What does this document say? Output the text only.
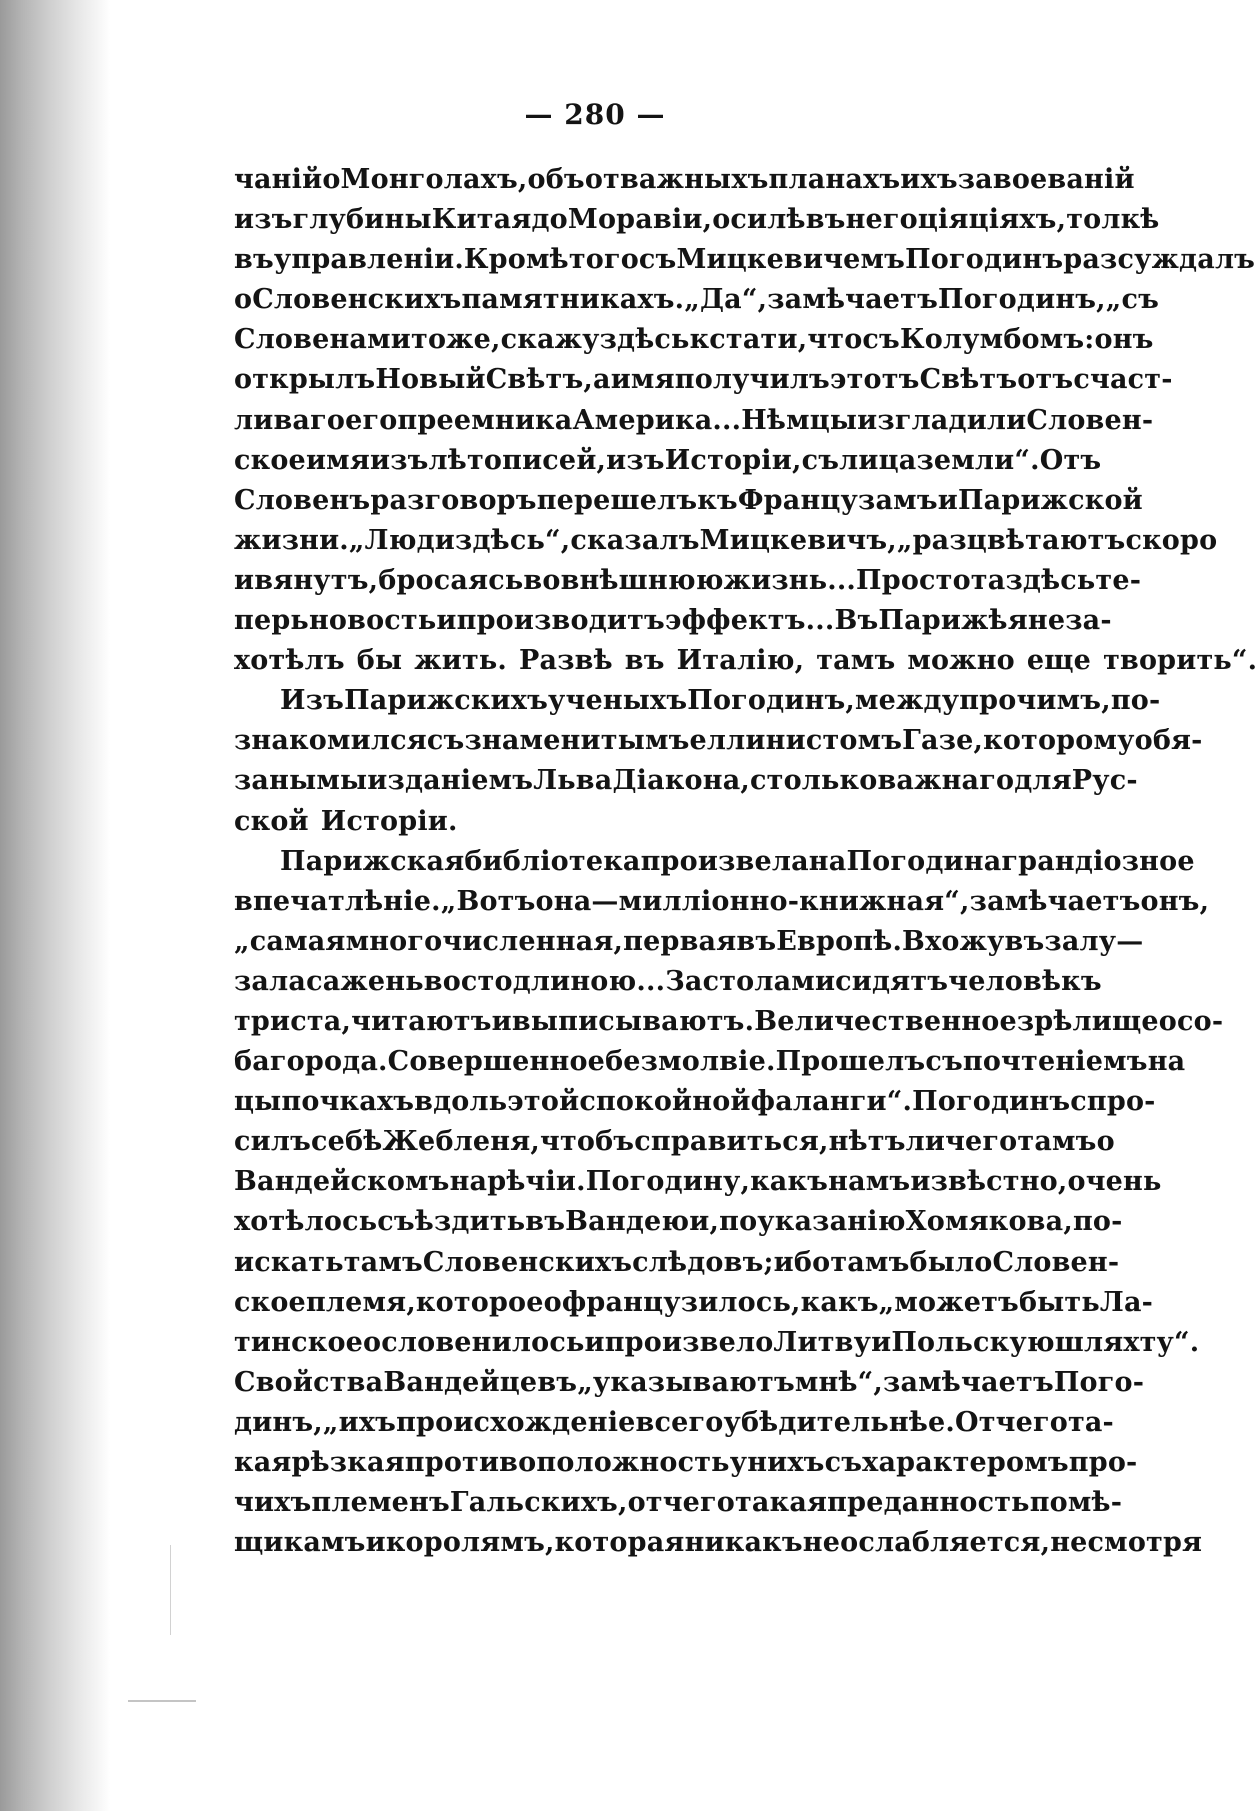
— 280 —
чаній о Монголахъ, объ отважныхъ планахъ ихъ завоеваній
изъ глубины Китая до Моравіи, о силѣ въ негоціяціяхъ, толкѣ
въ управленіи. Кромѣ того съ Мицкевичемъ Погодинъ разсуждалъ
о Словенскихъ памятникахъ. „Да“, замѣчаетъ Погодинъ, „съ
Словенами то же, скажу здѣсь кстати, что съ Колумбомъ: онъ
открылъ Новый Свѣтъ, а имя получилъ этотъ Свѣтъ отъ счаст-
ливаго его преемника Америка... Нѣмцы изгладили Словен-
ское имя изъ лѣтописей, изъ Исторіи, съ лица земли“. Отъ
Словенъ разговоръ перешелъ къ Французамъ и Парижской
жизни. „Люди здѣсь“, сказалъ Мицкевичъ, „разцвѣтаютъ скоро
и вянутъ, бросаясь во внѣшнюю жизнь... Простота здѣсь те-
перь новость и производитъ эффектъ... Въ Парижѣ я не за-
хотѣлъ бы жить. Развѣ въ Италію, тамъ можно еще творить“.
Изъ Парижскихъ ученыхъ Погодинъ, между прочимъ, по-
знакомился съ знаменитымъ еллинистомъ Газе, которому обя-
заны мы изданіемъ Льва Діакона, столько важнаго для Рус-
ской Исторіи.
Парижская библіотека произвела на Погодина грандіозное
впечатлѣніе. „Вотъ она—милліонно-книжная“, замѣчаетъ онъ,
„самая многочисленная, первая въ Европѣ. Вхожу въ залу—
зала сажень во сто длиною... За столами сидятъ человѣкъ
триста, читаютъ и выписываютъ. Величественное зрѣлище осо-
баго рода. Совершенное безмолвіе. Прошелъ съ почтеніемъ на
цыпочкахъ вдоль этой спокойной фаланги“. Погодинъ спро-
силъ себѣ Жебленя, чтобъ справиться, нѣтъ ли чего тамъ о
Вандейскомъ нарѣчіи. Погодину, какъ намъ извѣстно, очень
хотѣлось съѣздить въ Вандею и, по указанію Хомякова, по-
искать тамъ Словенскихъ слѣдовъ; ибо тамъ было Словен-
ское племя, которое офранцузилось, какъ „можетъ быть Ла-
тинское ословенилось и произвело Литву и Польскую шляхту“.
Свойства Вандейцевъ „указываютъ мнѣ“, замѣчаетъ Пого-
динъ, „ихъ происхожденіе всего убѣдительнѣе. Отчего та-
кая рѣзкая противоположность у нихъ съ характеромъ про-
чихъ племенъ Гальскихъ, отчего такая преданность помѣ-
щикамъ и королямъ, которая никакъ не ослабляется, не смотря
